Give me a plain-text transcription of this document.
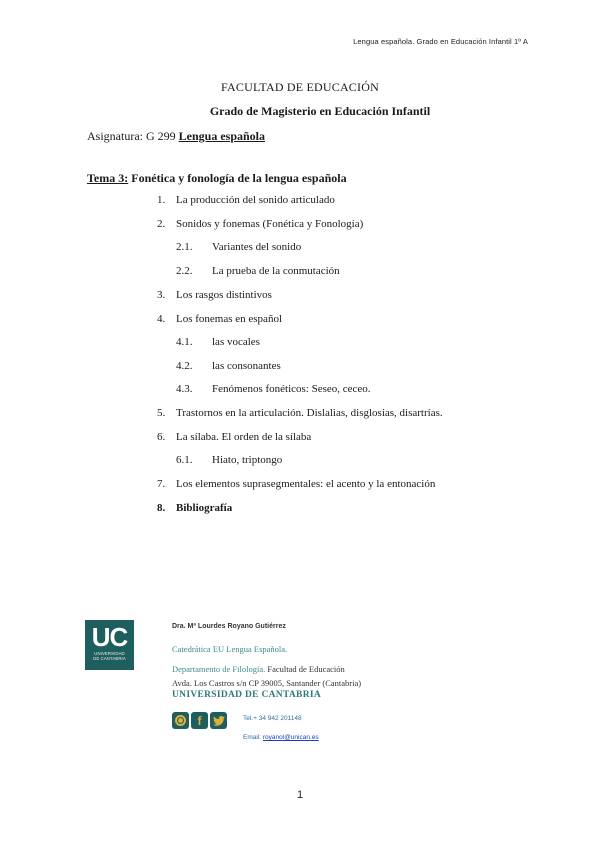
Lengua española. Grado en Educación Infantil 1º A
FACULTAD DE EDUCACIÓN
Grado de Magisterio en Educación Infantil
Asignatura: G 299 Lengua española
Tema 3: Fonética y fonología de la lengua española
1. La producción del sonido articulado
2. Sonidos y fonemas (Fonética y Fonología)
2.1. Variantes del sonido
2.2. La prueba de la conmutación
3. Los rasgos distintivos
4. Los fonemas en español
4.1. las vocales
4.2. las consonantes
4.3. Fenómenos fonéticos: Seseo, ceceo.
5. Trastornos en la articulación. Dislalias, disglosias, disartrías.
6. La sílaba. El orden de la sílaba
6.1. Hiato, triptongo
7. Los elementos suprasegmentales: el acento y la entonación
8. Bibliografía
UC
UNIVERSIDAD
DE CANTABRIA
Dra. Mª Lourdes Royano Gutiérrez
Catedrática EU Lengua Española.
Departamento de Filología. Facultad de Educación
Avda. Los Castros s/n CP 39005, Santander (Cantabria)
UNIVERSIDAD DE CANTABRIA
f	Tel.+ 34 942 201148
Email: royanol@unican.es
1
